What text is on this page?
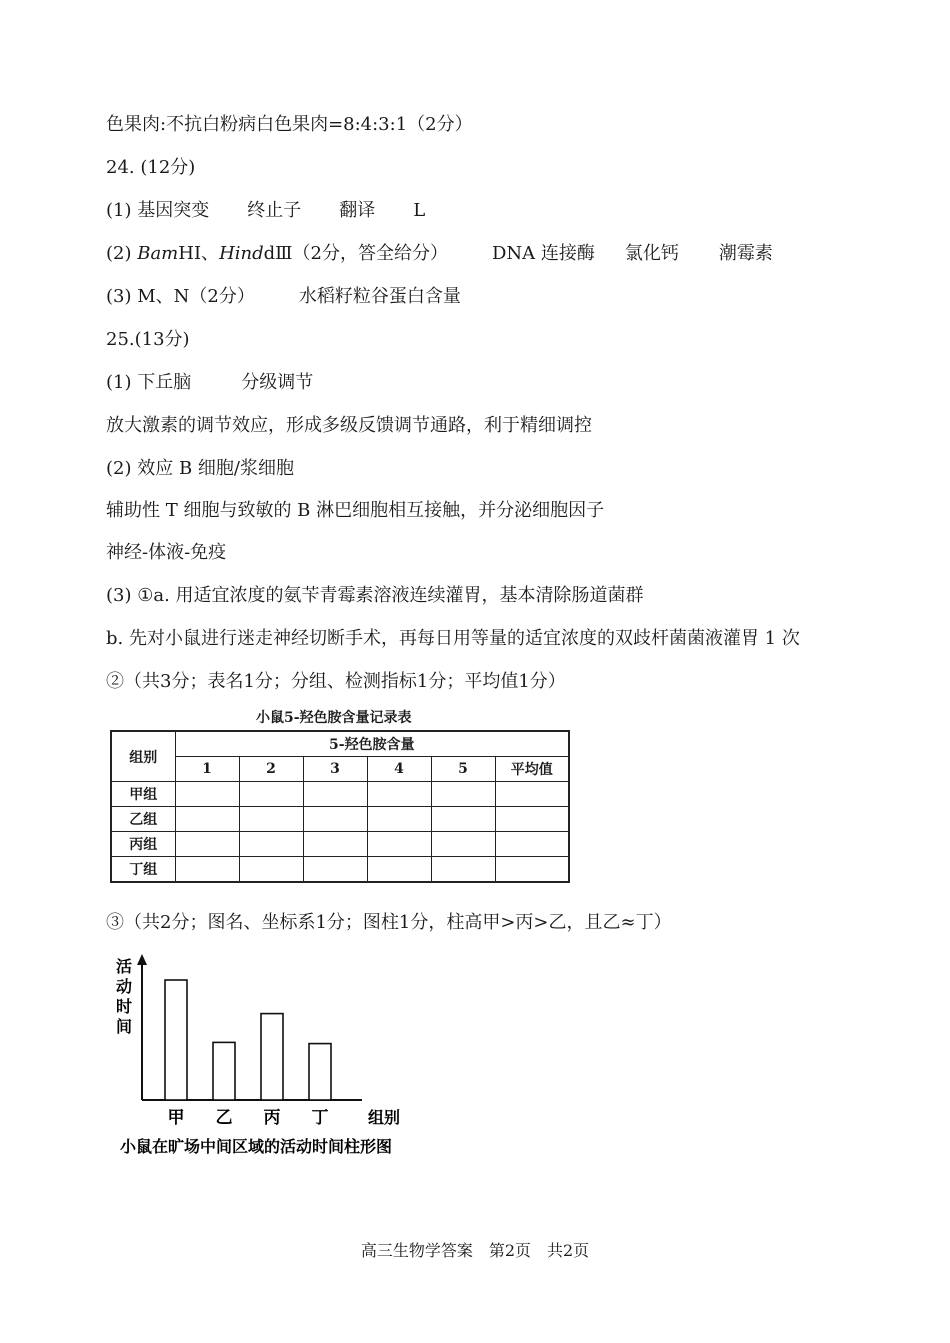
色果肉:不抗白粉病白色果肉=8:4:3:1（2分）
24. (12分)
(1) 基因突变 终止子 翻译 L
(2) BamHⅠ、HinddⅢ（2分，答全给分） DNA 连接酶 氯化钙 潮霉素
(3) M、N（2分） 水稻籽粒谷蛋白含量
25.(13分)
(1) 下丘脑	分级调节
放大激素的调节效应，形成多级反馈调节通路，利于精细调控
(2) 效应 B 细胞/浆细胞
辅助性 T 细胞与致敏的 B 淋巴细胞相互接触，并分泌细胞因子
神经-体液-免疫
(3) ①a. 用适宜浓度的氨苄青霉素溶液连续灌胃，基本清除肠道菌群
b. 先对小鼠进行迷走神经切断手术，再每日用等量的适宜浓度的双歧杆菌菌液灌胃 1 次
②（共3分；表名1分；分组、检测指标1分；平均值1分）
小鼠5-羟色胺含量记录表
组别	5-羟色胺含量					
	1	2	3	4	5	平均值
甲组						
乙组						
丙组						
丁组						
③（共2分；图名、坐标系1分；图柱1分，柱高甲>丙>乙，且乙≈丁）
活动时间
甲 乙 丙 丁 组别
小鼠在旷场中间区域的活动时间柱形图
高三生物学答案　第2页　共2页
